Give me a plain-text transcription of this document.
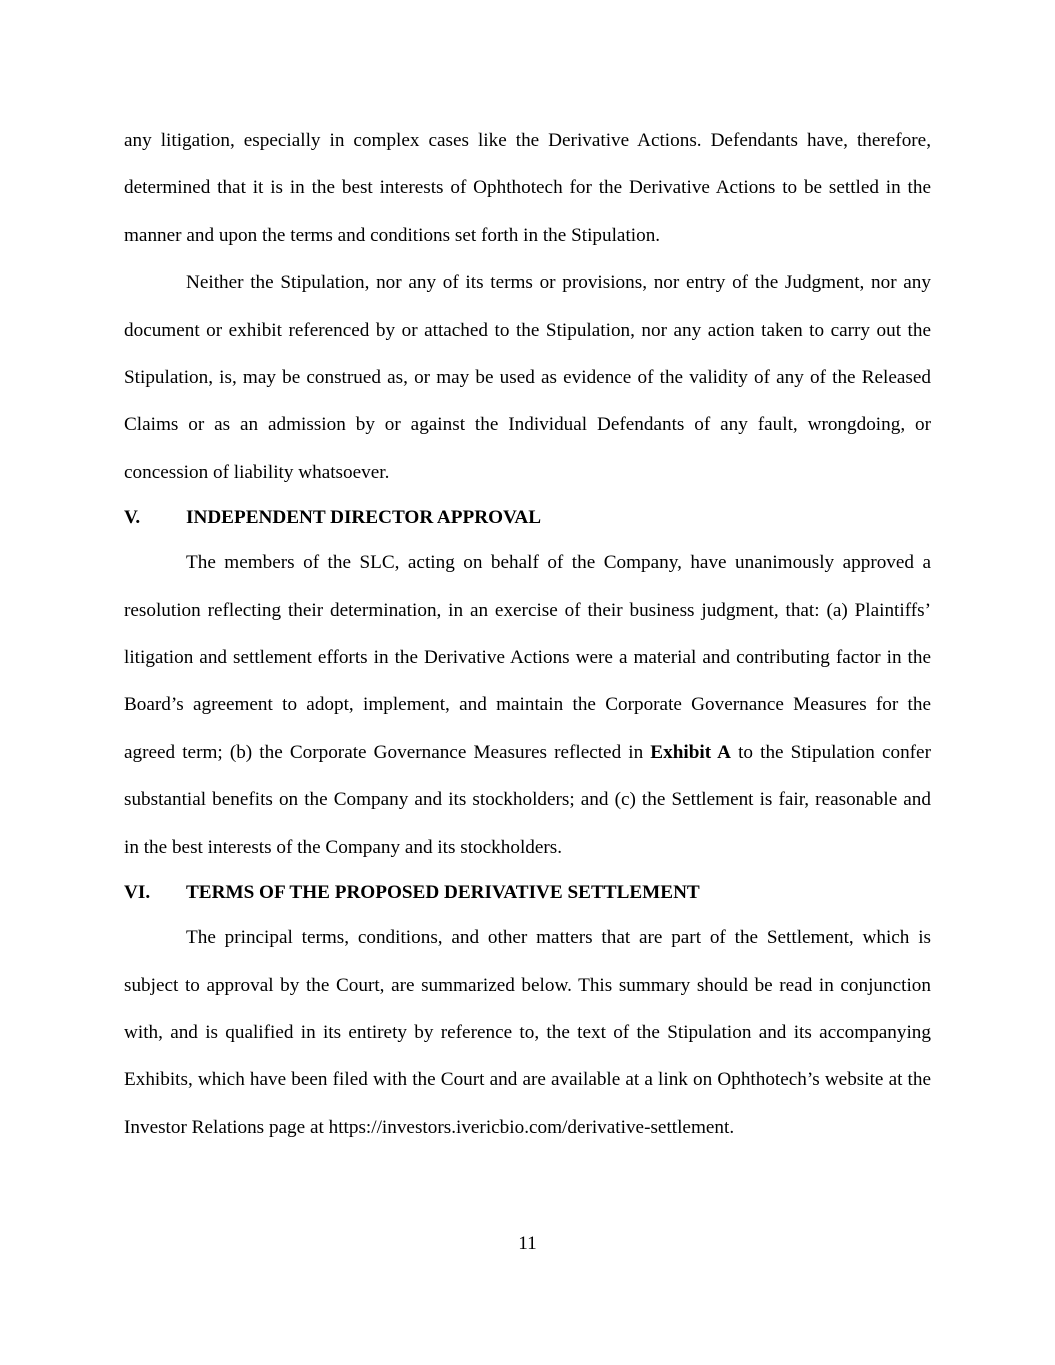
any litigation, especially in complex cases like the Derivative Actions. Defendants have, therefore, determined that it is in the best interests of Ophthotech for the Derivative Actions to be settled in the manner and upon the terms and conditions set forth in the Stipulation.

Neither the Stipulation, nor any of its terms or provisions, nor entry of the Judgment, nor any document or exhibit referenced by or attached to the Stipulation, nor any action taken to carry out the Stipulation, is, may be construed as, or may be used as evidence of the validity of any of the Released Claims or as an admission by or against the Individual Defendants of any fault, wrongdoing, or concession of liability whatsoever.

V.	INDEPENDENT DIRECTOR APPROVAL

The members of the SLC, acting on behalf of the Company, have unanimously approved a resolution reflecting their determination, in an exercise of their business judgment, that: (a) Plaintiffs’ litigation and settlement efforts in the Derivative Actions were a material and contributing factor in the Board’s agreement to adopt, implement, and maintain the Corporate Governance Measures for the agreed term; (b) the Corporate Governance Measures reflected in Exhibit A to the Stipulation confer substantial benefits on the Company and its stockholders; and (c) the Settlement is fair, reasonable and in the best interests of the Company and its stockholders.

VI.	TERMS OF THE PROPOSED DERIVATIVE SETTLEMENT

The principal terms, conditions, and other matters that are part of the Settlement, which is subject to approval by the Court, are summarized below. This summary should be read in conjunction with, and is qualified in its entirety by reference to, the text of the Stipulation and its accompanying Exhibits, which have been filed with the Court and are available at a link on Ophthotech’s website at the Investor Relations page at https://investors.ivericbio.com/derivative-settlement.

11
